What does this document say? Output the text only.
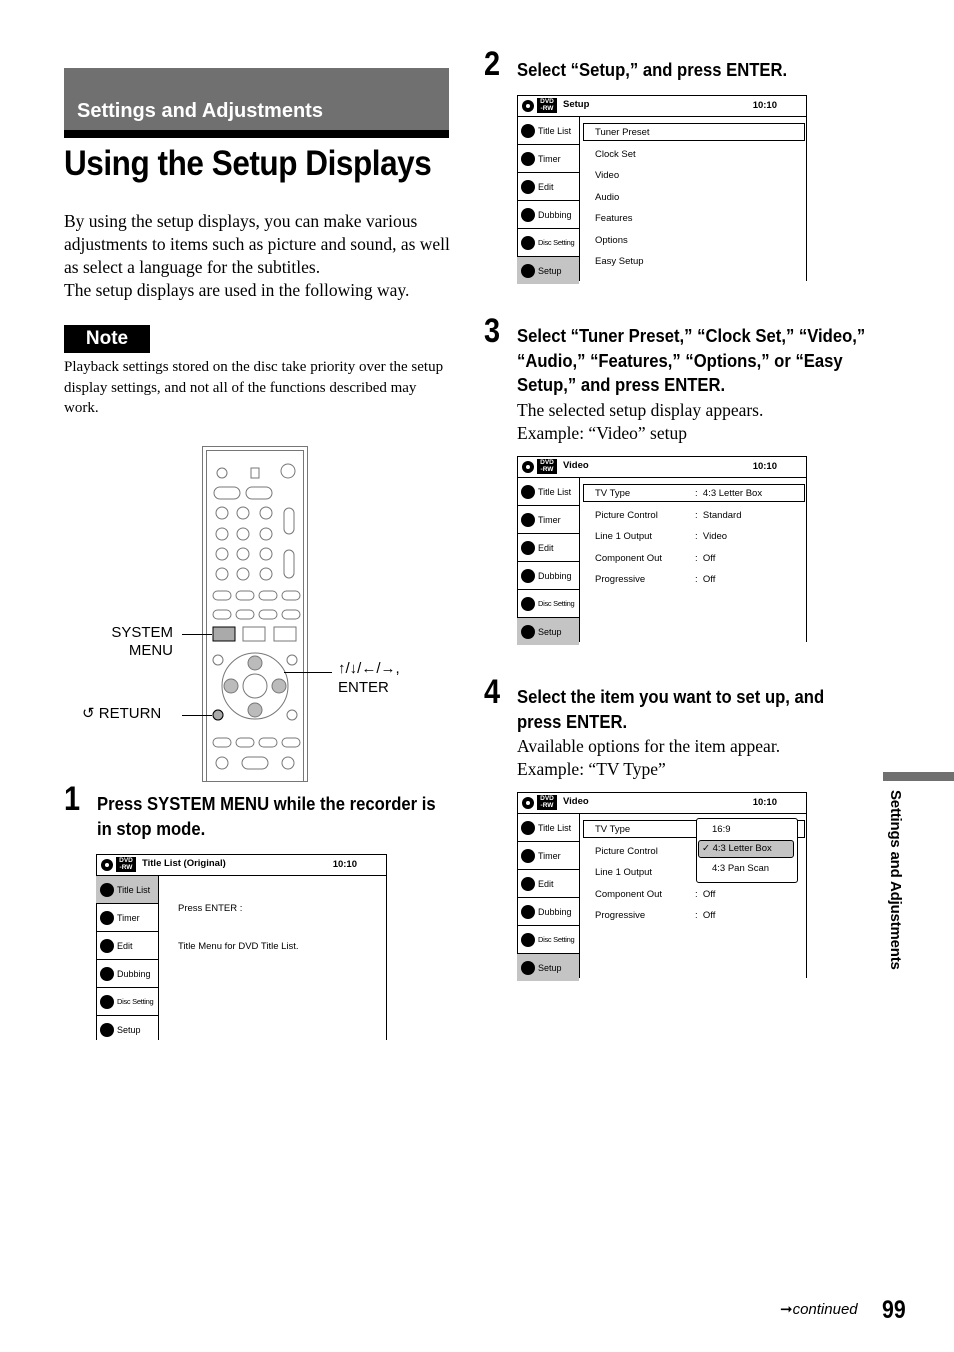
Settings and Adjustments
Using the Setup Displays
By using the setup displays, you can make various adjustments to items such as picture and sound, as well as select a language for the subtitles.
The setup displays are used in the following way.
Note
Playback settings stored on the disc take priority over the setup display settings, and not all of the functions described may work.
SYSTEM
MENU
↺ RETURN
↑/↓/←/→,
ENTER
1 Press SYSTEM MENU while the recorder is in stop mode.
DVD
-RW	Title List (Original)	10:10
Title List
Timer
Edit
Dubbing
Disc Setting
Setup
Press ENTER :
Title Menu for DVD Title List.
2 Select “Setup,” and press ENTER.
DVD
-RW	Setup	10:10
Title List
Timer
Edit
Dubbing
Disc Setting
Setup
Tuner Preset
Clock Set
Video
Audio
Features
Options
Easy Setup
3 Select “Tuner Preset,” “Clock Set,” “Video,” “Audio,” “Features,” “Options,” or “Easy Setup,” and press ENTER.
The selected setup display appears.
Example: “Video” setup
DVD
-RW	Video	10:10
Title List
Timer
Edit
Dubbing
Disc Setting
Setup
TV Type	:  4:3 Letter Box
Picture Control	:  Standard
Line 1 Output	:  Video
Component Out	:  Off
Progressive	:  Off
4 Select the item you want to set up, and press ENTER.
Available options for the item appear.
Example: “TV Type”
DVD
-RW	Video	10:10
Title List
Timer
Edit
Dubbing
Disc Setting
Setup
TV Type
Picture Control
Line 1 Output
Component Out	:  Off
Progressive	:  Off
16:9
✓ 4:3 Letter Box
4:3 Pan Scan	Settings and Adjustments
➞continued 99
